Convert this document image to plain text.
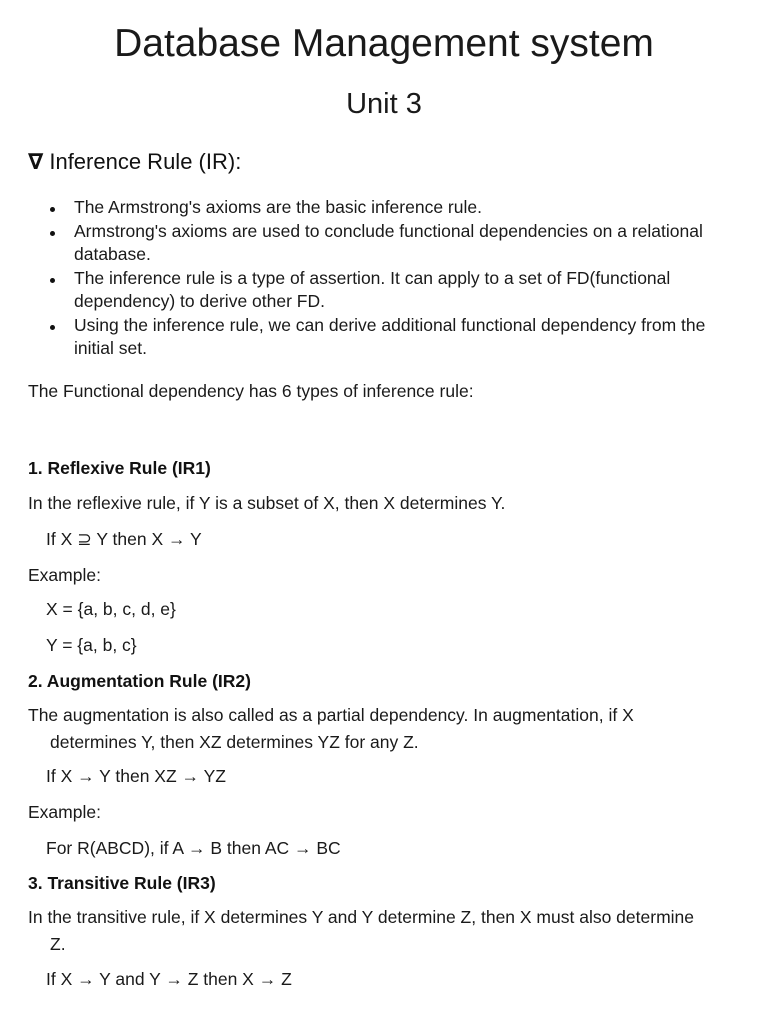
Database Management system
Unit 3
∇ Inference Rule (IR):
The Armstrong's axioms are the basic inference rule.
Armstrong's axioms are used to conclude functional dependencies on a relational database.
The inference rule is a type of assertion. It can apply to a set of FD(functional dependency) to derive other FD.
Using the inference rule, we can derive additional functional dependency from the initial set.
The Functional dependency has 6 types of inference rule:
1. Reflexive Rule (IR1)
In the reflexive rule, if Y is a subset of X, then X determines Y.
If X ⊇ Y then X → Y
Example:
X = {a, b, c, d, e}
Y = {a, b, c}
2. Augmentation Rule (IR2)
The augmentation is also called as a partial dependency. In augmentation, if X
determines Y, then XZ determines YZ for any Z.
If X → Y then XZ → YZ
Example:
For R(ABCD), if A → B then AC → BC
3. Transitive Rule (IR3)
In the transitive rule, if X determines Y and Y determine Z, then X must also determine
Z.
If X → Y and Y → Z then X → Z
